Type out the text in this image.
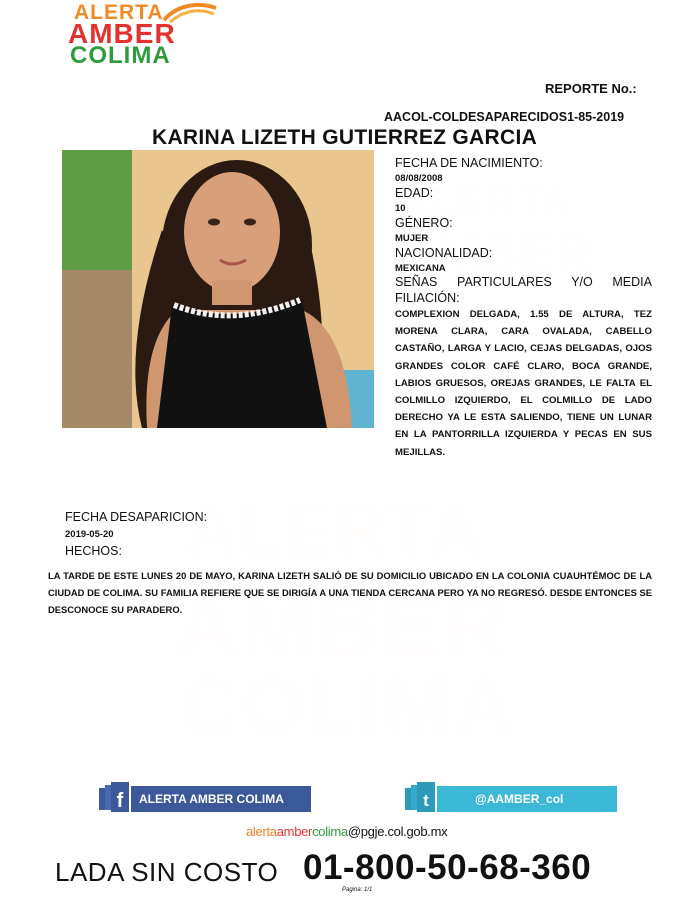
ALERTA
AMBER
COLIMA
REPORTE No.:
AACOL-COLDESAPARECIDOS1-85-2019
KARINA LIZETH GUTIERREZ GARCIA
FECHA DE NACIMIENTO:
08/08/2008
EDAD:
10
GÉNERO:
MUJER
NACIONALIDAD:
MEXICANA
SEÑAS PARTICULARES Y/O MEDIA FILIACIÓN:
COMPLEXION DELGADA, 1.55 DE ALTURA, TEZ MORENA CLARA, CARA OVALADA, CABELLO CASTAÑO, LARGA Y LACIO, CEJAS DELGADAS, OJOS GRANDES COLOR CAFÉ CLARO, BOCA GRANDE, LABIOS GRUESOS, OREJAS GRANDES, LE FALTA EL COLMILLO IZQUIERDO, EL COLMILLO DE LADO DERECHO YA LE ESTA SALIENDO, TIENE UN LUNAR EN LA PANTORRILLA IZQUIERDA Y PECAS EN SUS MEJILLAS.
FECHA DESAPARICION:
2019-05-20
HECHOS:
LA TARDE DE ESTE LUNES 20 DE MAYO, KARINA LIZETH SALIÓ DE SU DOMICILIO UBICADO EN LA COLONIA CUAUHTÉMOC DE LA CIUDAD DE COLIMA. SU FAMILIA REFIERE QUE SE DIRIGÍA A UNA TIENDA CERCANA PERO YA NO REGRESÓ. DESDE ENTONCES SE DESCONOCE SU PARADERO.
f ALERTA AMBER COLIMA	t	@AAMBER_col
alertaambercolima@pgje.col.gob.mx
LADA SIN COSTO 01-800-50-68-360
Pagina: 1/1
